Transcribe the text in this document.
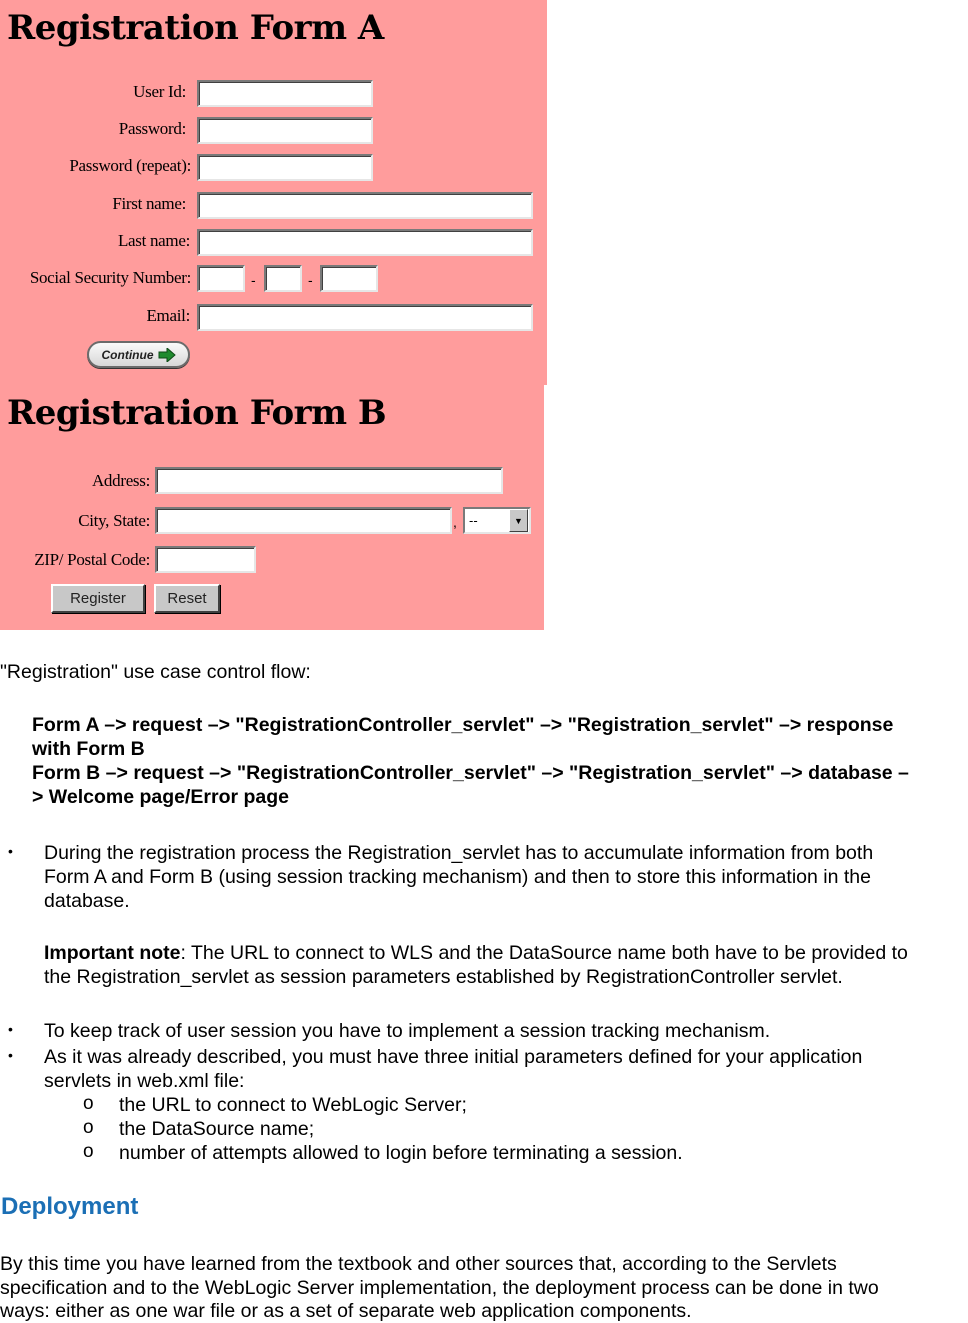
Registration Form A
User Id:
Password:
Password (repeat):
First name:
Last name:
Social Security Number:	-	-
Email:
Continue
Registration Form B
Address:
City, State:	, --	▼
ZIP/ Postal Code:
Register	Reset
"Registration" use case control flow:
Form A –> request –> "RegistrationController_servlet" –> "Registration_servlet" –> response
with Form B
Form B –> request –> "RegistrationController_servlet" –> "Registration_servlet" –> database –
> Welcome page/Error page
• During the registration process the Registration_servlet has to accumulate information from both
Form A and Form B (using session tracking mechanism) and then to store this information in the
database.
Important note: The URL to connect to WLS and the DataSource name both have to be provided to
the Registration_servlet as session parameters established by RegistrationController servlet.
• To keep track of user session you have to implement a session tracking mechanism.
• As it was already described, you must have three initial parameters defined for your application
servlets in web.xml file:
o the URL to connect to WebLogic Server;
o the DataSource name;
o number of attempts allowed to login before terminating a session.
Deployment
By this time you have learned from the textbook and other sources that, according to the Servlets
specification and to the WebLogic Server implementation, the deployment process can be done in two
ways: either as one war file or as a set of separate web application components.
